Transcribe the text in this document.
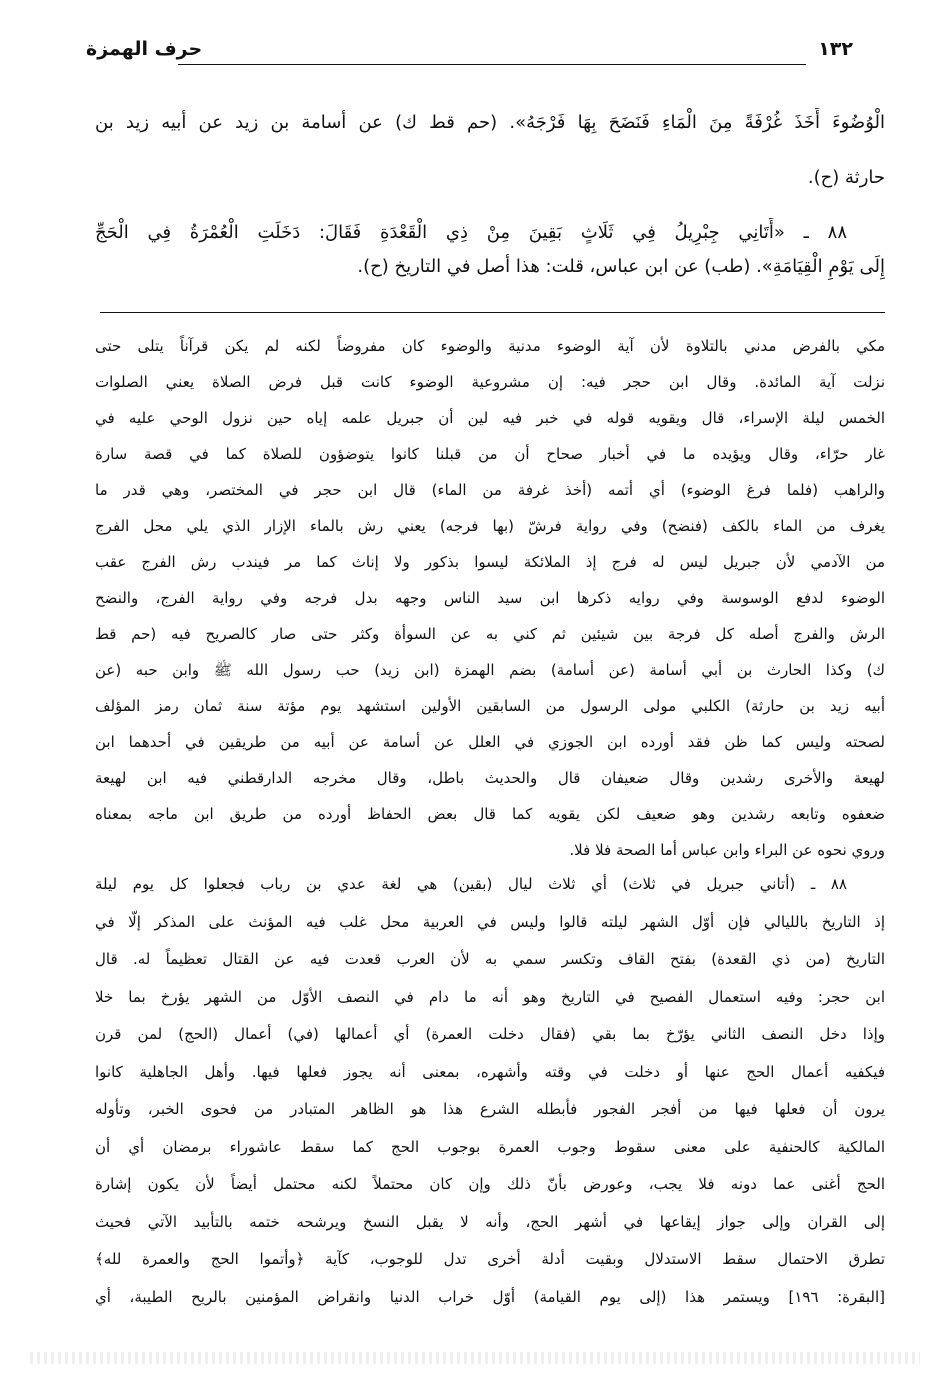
١٣٢
حرف الهمزة
الْوُضُوءَ أَخَذَ غُرْفَةً مِنَ الْمَاءِ فَنَضَحَ بِهَا فَرْجَهُ». (حم قط ك) عن أسامة بن زيد عن أبيه زيد بن
حارثة (ح).
٨٨ ـ «أَتَانِي جِبْرِيلُ فِي ثَلَاثٍ بَقِينَ مِنْ ذِي الْقَعْدَةِ فَقَالَ: دَخَلَتِ الْعُمْرَةُ فِي الْحَجِّ
إِلَى يَوْمِ الْقِيَامَةِ». (طب) عن ابن عباس، قلت: هذا أصل في التاريخ (ح).
مكي بالفرض مدني بالتلاوة لأن آية الوضوء مدنية والوضوء كان مفروضاً لكنه لم يكن قرآناً يتلى حتى
نزلت آية المائدة. وقال ابن حجر فيه: إن مشروعية الوضوء كانت قبل فرض الصلاة يعني الصلوات
الخمس ليلة الإسراء، قال ويقويه قوله في خبر فيه لين أن جبريل علمه إياه حين نزول الوحي عليه في
غار حرّاء، وقال ويؤيده ما في أخبار صحاح أن من قبلنا كانوا يتوضؤون للصلاة كما في قصة سارة
والراهب (فلما فرغ الوضوء) أي أتمه (أخذ غرفة من الماء) قال ابن حجر في المختصر، وهي قدر ما
يغرف من الماء بالكف (فنضح) وفي رواية فرشّ (بها فرجه) يعني رش بالماء الإزار الذي يلي محل الفرج
من الآدمي لأن جبريل ليس له فرج إذ الملائكة ليسوا بذكور ولا إناث كما مر فيندب رش الفرج عقب
الوضوء لدفع الوسوسة وفي روايه ذكرها ابن سيد الناس وجهه بدل فرجه وفي رواية الفرج، والنضح
الرش والفرج أصله كل فرجة بين شيئين ثم كني به عن السوأة وكثر حتى صار كالصريح فيه (حم قط
ك) وكذا الحارث بن أبي أسامة (عن أسامة) بضم الهمزة (ابن زيد) حب رسول الله ﷺ وابن حبه (عن
أبيه زيد بن حارثة) الكلبي مولى الرسول من السابقين الأولين استشهد يوم مؤتة سنة ثمان رمز المؤلف
لصحته وليس كما ظن فقد أورده ابن الجوزي في العلل عن أسامة عن أبيه من طريقين في أحدهما ابن
لهيعة والأخرى رشدين وقال ضعيفان قال والحديث باطل، وقال مخرجه الدارقطني فيه ابن لهيعة
ضعفوه وتابعه رشدين وهو ضعيف لكن يقويه كما قال بعض الحفاظ أورده من طريق ابن ماجه بمعناه
وروي نحوه عن البراء وابن عباس أما الصحة فلا فلا.
٨٨ ـ (أتاني جبريل في ثلاث) أي ثلاث ليال (بقين) هي لغة عدي بن رباب فجعلوا كل يوم ليلة
إذ التاريخ بالليالي فإن أوّل الشهر ليلته قالوا وليس في العربية محل غلب فيه المؤنث على المذكر إلّا في
التاريخ (من ذي القعدة) بفتح القاف وتكسر سمي به لأن العرب قعدت فيه عن القتال تعظيماً له. قال
ابن حجر: وفيه استعمال الفصيح في التاريخ وهو أنه ما دام في النصف الأوّل من الشهر يؤرخ بما خلا
وإذا دخل النصف الثاني يؤرّخ بما بقي (فقال دخلت العمرة) أي أعمالها (في) أعمال (الحج) لمن قرن
فيكفيه أعمال الحج عنها أو دخلت في وقته وأشهره، بمعنى أنه يجوز فعلها فيها. وأهل الجاهلية كانوا
يرون أن فعلها فيها من أفجر الفجور فأبطله الشرع هذا هو الظاهر المتبادر من فحوى الخبر، وتأوله
المالكية كالحنفية على معنى سقوط وجوب العمرة بوجوب الحج كما سقط عاشوراء برمضان أي أن
الحج أغنى عما دونه فلا يجب، وعورض بأنّ ذلك وإن كان محتملاً لكنه محتمل أيضاً لأن يكون إشارة
إلى القران وإلى جواز إيقاعها في أشهر الحج، وأنه لا يقبل النسخ ويرشحه ختمه بالتأبيد الآتي فحيث
تطرق الاحتمال سقط الاستدلال وبقيت أدلة أخرى تدل للوجوب، كآية ﴿وأتموا الحج والعمرة لله﴾
[البقرة: ١٩٦] ويستمر هذا (إلى يوم القيامة) أوّل خراب الدنيا وانقراض المؤمنين بالريح الطيبة، أي
